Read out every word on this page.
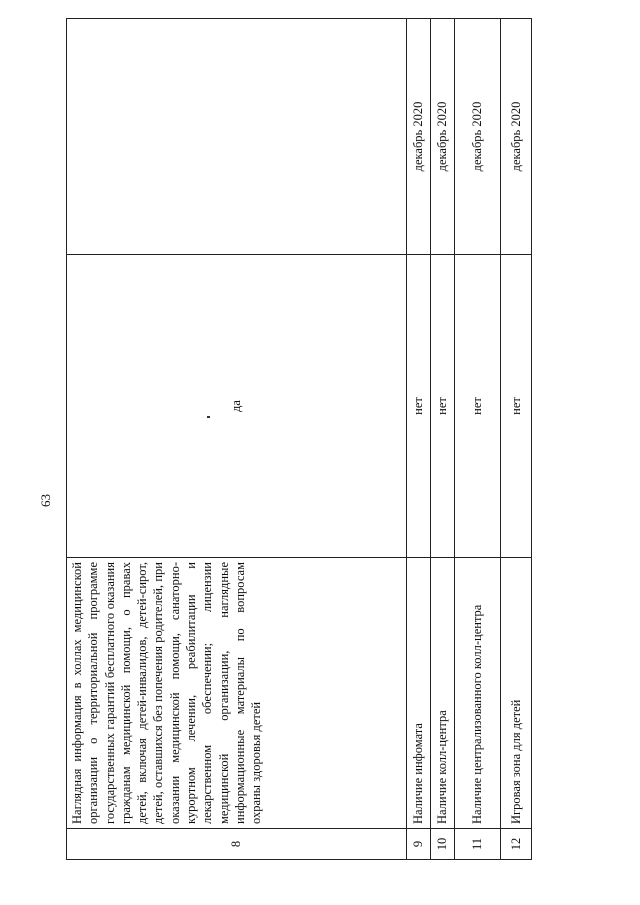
63
8	Наглядная информация в холлах медицинской организации о территориальной программе государственных гарантий бесплатного оказания гражданам медицинской помощи, о правах детей, включая детей-инвалидов, детей-сирот, детей, оставшихся без попечения родителей, при оказании медицинской помощи, санаторно-курортном лечении, реабилитации и лекарственном обеспечении; лицензии медицинской организации, наглядные информационные материалы по вопросам охраны здоровья детей	да	
9	Наличие инфомата	нет	декабрь 2020
10	Наличие колл-центра	нет	декабрь 2020
11	Наличие централизованного колл-центра	нет	декабрь 2020
12	Игровая зона для детей	нет	декабрь 2020
